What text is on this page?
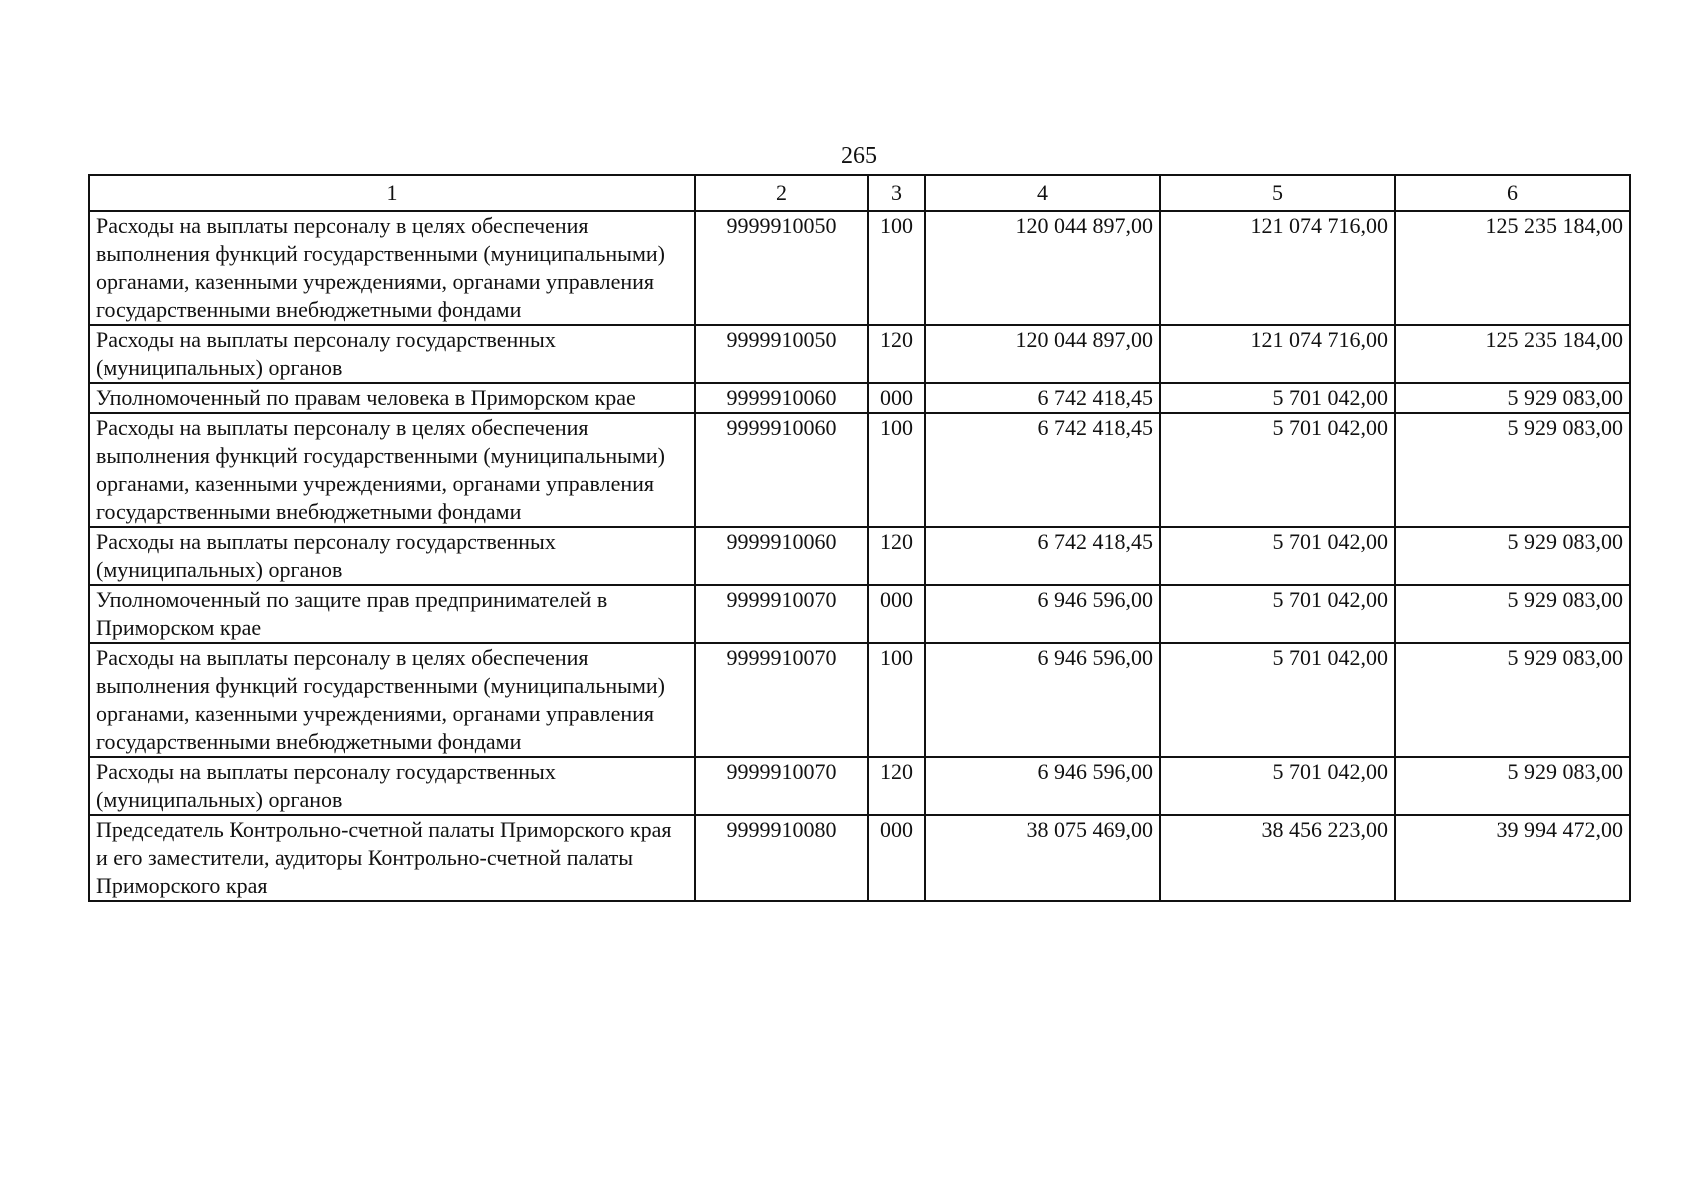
265
1	2	3	4	5	6
Расходы на выплаты персоналу в целях обеспечения выполнения функций государственными (муниципальными) органами, казенными учреждениями, органами управления государственными внебюджетными фондами	9999910050	100	120 044 897,00	121 074 716,00	125 235 184,00
Расходы на выплаты персоналу государственных (муниципальных) органов	9999910050	120	120 044 897,00	121 074 716,00	125 235 184,00
Уполномоченный по правам человека в Приморском крае	9999910060	000	6 742 418,45	5 701 042,00	5 929 083,00
Расходы на выплаты персоналу в целях обеспечения выполнения функций государственными (муниципальными) органами, казенными учреждениями, органами управления государственными внебюджетными фондами	9999910060	100	6 742 418,45	5 701 042,00	5 929 083,00
Расходы на выплаты персоналу государственных (муниципальных) органов	9999910060	120	6 742 418,45	5 701 042,00	5 929 083,00
Уполномоченный по защите прав предпринимателей в Приморском крае	9999910070	000	6 946 596,00	5 701 042,00	5 929 083,00
Расходы на выплаты персоналу в целях обеспечения выполнения функций государственными (муниципальными) органами, казенными учреждениями, органами управления государственными внебюджетными фондами	9999910070	100	6 946 596,00	5 701 042,00	5 929 083,00
Расходы на выплаты персоналу государственных (муниципальных) органов	9999910070	120	6 946 596,00	5 701 042,00	5 929 083,00
Председатель Контрольно-счетной палаты Приморского края и его заместители, аудиторы Контрольно-счетной палаты Приморского края	9999910080	000	38 075 469,00	38 456 223,00	39 994 472,00
